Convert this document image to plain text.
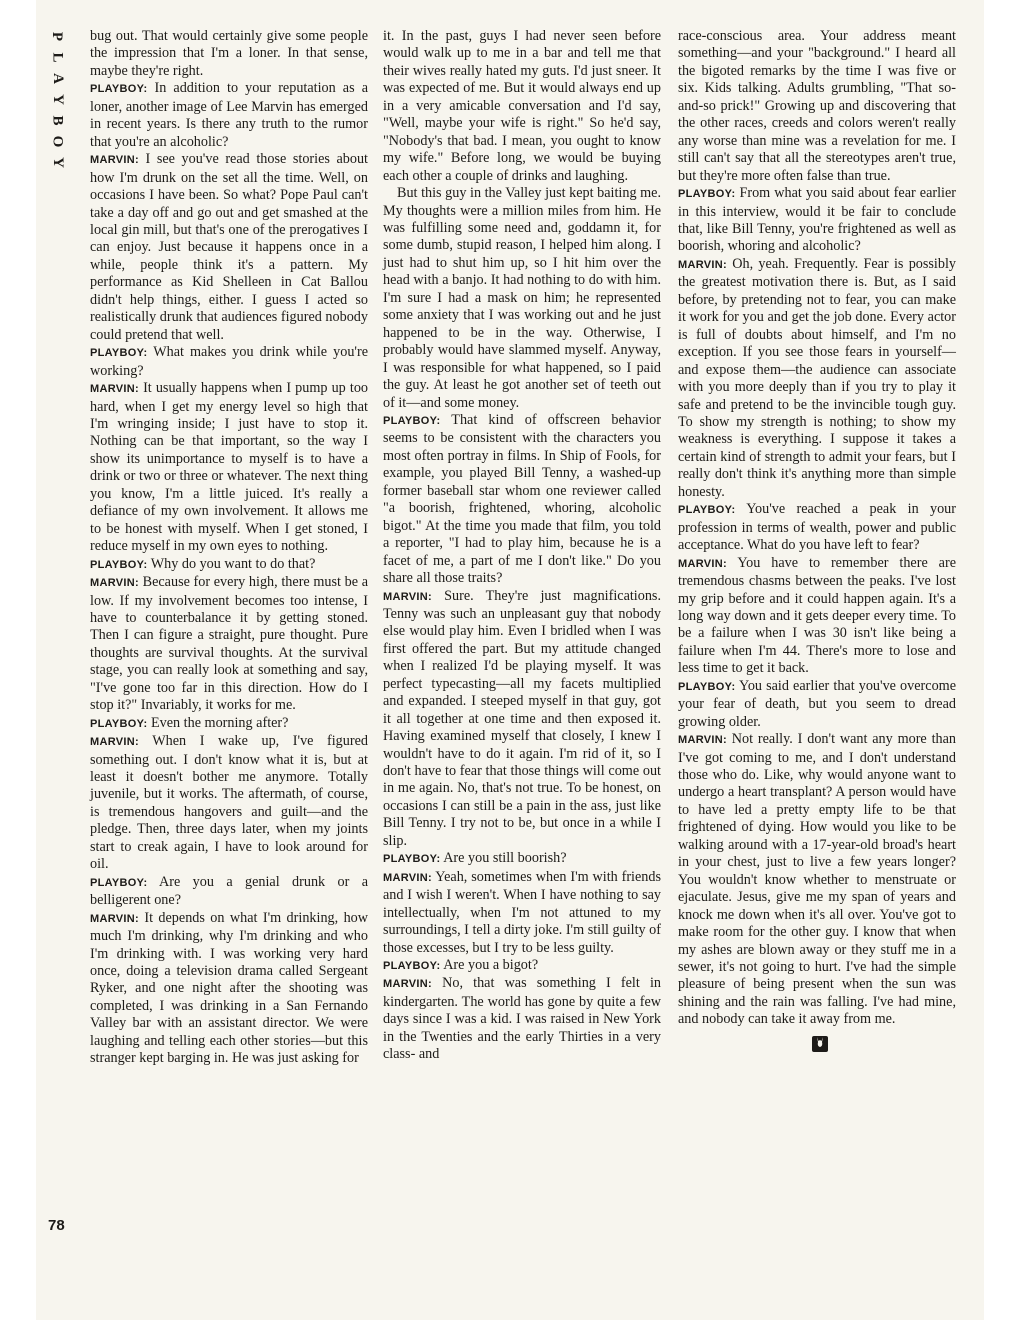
P
L
A
Y
B
O
Y

bug out. That would certainly give some people the impression that I'm a loner. In that sense, maybe they're right.

PLAYBOY: In addition to your reputation as a loner, another image of Lee Marvin has emerged in recent years. Is there any truth to the rumor that you're an alcoholic?

MARVIN: I see you've read those stories about how I'm drunk on the set all the time. Well, on occasions I have been. So what? Pope Paul can't take a day off and go out and get smashed at the local gin mill, but that's one of the prerogatives I can enjoy. Just because it happens once in a while, people think it's a pattern. My performance as Kid Shelleen in Cat Ballou didn't help things, either. I guess I acted so realistically drunk that audiences figured nobody could pretend that well.

PLAYBOY: What makes you drink while you're working?

MARVIN: It usually happens when I pump up too hard, when I get my energy level so high that I'm wringing inside; I just have to stop it. Nothing can be that important, so the way I show its unimportance to myself is to have a drink or two or three or whatever. The next thing you know, I'm a little juiced. It's really a defiance of my own involvement. It allows me to be honest with myself. When I get stoned, I reduce myself in my own eyes to nothing.

PLAYBOY: Why do you want to do that?

MARVIN: Because for every high, there must be a low. If my involvement becomes too intense, I have to counterbalance it by getting stoned. Then I can figure a straight, pure thought. Pure thoughts are survival thoughts. At the survival stage, you can really look at something and say, "I've gone too far in this direction. How do I stop it?" Invariably, it works for me.

PLAYBOY: Even the morning after?

MARVIN: When I wake up, I've figured something out. I don't know what it is, but at least it doesn't bother me anymore. Totally juvenile, but it works. The aftermath, of course, is tremendous hangovers and guilt—and the pledge. Then, three days later, when my joints start to creak again, I have to look around for oil.

PLAYBOY: Are you a genial drunk or a belligerent one?

MARVIN: It depends on what I'm drinking, how much I'm drinking, why I'm drinking and who I'm drinking with. I was working very hard once, doing a television drama called Sergeant Ryker, and one night after the shooting was completed, I was drinking in a San Fernando Valley bar with an assistant director. We were laughing and telling each other stories—but this stranger kept barging in. He was just asking for

it. In the past, guys I had never seen before would walk up to me in a bar and tell me that their wives really hated my guts. I'd just sneer. It was expected of me. But it would always end up in a very amicable conversation and I'd say, "Well, maybe your wife is right." So he'd say, "Nobody's that bad. I mean, you ought to know my wife." Before long, we would be buying each other a couple of drinks and laughing.

But this guy in the Valley just kept baiting me. My thoughts were a million miles from him. He was fulfilling some need and, goddamn it, for some dumb, stupid reason, I helped him along. I just had to shut him up, so I hit him over the head with a banjo. It had nothing to do with him. I'm sure I had a mask on him; he represented some anxiety that I was working out and he just happened to be in the way. Otherwise, I probably would have slammed myself. Anyway, I was responsible for what happened, so I paid the guy. At least he got another set of teeth out of it—and some money.

PLAYBOY: That kind of offscreen behavior seems to be consistent with the characters you most often portray in films. In Ship of Fools, for example, you played Bill Tenny, a washed-up former baseball star whom one reviewer called "a boorish, frightened, whoring, alcoholic bigot." At the time you made that film, you told a reporter, "I had to play him, because he is a facet of me, a part of me I don't like." Do you share all those traits?

MARVIN: Sure. They're just magnifications. Tenny was such an unpleasant guy that nobody else would play him. Even I bridled when I was first offered the part. But my attitude changed when I realized I'd be playing myself. It was perfect typecasting—all my facets multiplied and expanded. I steeped myself in that guy, got it all together at one time and then exposed it. Having examined myself that closely, I knew I wouldn't have to do it again. I'm rid of it, so I don't have to fear that those things will come out in me again. No, that's not true. To be honest, on occasions I can still be a pain in the ass, just like Bill Tenny. I try not to be, but once in a while I slip.

PLAYBOY: Are you still boorish?

MARVIN: Yeah, sometimes when I'm with friends and I wish I weren't. When I have nothing to say intellectually, when I'm not attuned to my surroundings, I tell a dirty joke. I'm still guilty of those excesses, but I try to be less guilty.

PLAYBOY: Are you a bigot?

MARVIN: No, that was something I felt in kindergarten. The world has gone by quite a few days since I was a kid. I was raised in New York in the Twenties and the early Thirties in a very class- and

race-conscious area. Your address meant something—and your "background." I heard all the bigoted remarks by the time I was five or six. Kids talking. Adults grumbling, "That so-and-so prick!" Growing up and discovering that the other races, creeds and colors weren't really any worse than mine was a revelation for me. I still can't say that all the stereotypes aren't true, but they're more often false than true.

PLAYBOY: From what you said about fear earlier in this interview, would it be fair to conclude that, like Bill Tenny, you're frightened as well as boorish, whoring and alcoholic?

MARVIN: Oh, yeah. Frequently. Fear is possibly the greatest motivation there is. But, as I said before, by pretending not to fear, you can make it work for you and get the job done. Every actor is full of doubts about himself, and I'm no exception. If you see those fears in yourself—and expose them—the audience can associate with you more deeply than if you try to play it safe and pretend to be the invincible tough guy. To show my strength is nothing; to show my weakness is everything. I suppose it takes a certain kind of strength to admit your fears, but I really don't think it's anything more than simple honesty.

PLAYBOY: You've reached a peak in your profession in terms of wealth, power and public acceptance. What do you have left to fear?

MARVIN: You have to remember there are tremendous chasms between the peaks. I've lost my grip before and it could happen again. It's a long way down and it gets deeper every time. To be a failure when I was 30 isn't like being a failure when I'm 44. There's more to lose and less time to get it back.

PLAYBOY: You said earlier that you've overcome your fear of death, but you seem to dread growing older.

MARVIN: Not really. I don't want any more than I've got coming to me, and I don't understand those who do. Like, why would anyone want to undergo a heart transplant? A person would have to have led a pretty empty life to be that frightened of dying. How would you like to be walking around with a 17-year-old broad's heart in your chest, just to live a few years longer? You wouldn't know whether to menstruate or ejaculate. Jesus, give me my span of years and knock me down when it's all over. You've got to make room for the other guy. I know that when my ashes are blown away or they stuff me in a sewer, it's not going to hurt. I've had the simple pleasure of being present when the sun was shining and the rain was falling. I've had mine, and nobody can take it away from me.

78
